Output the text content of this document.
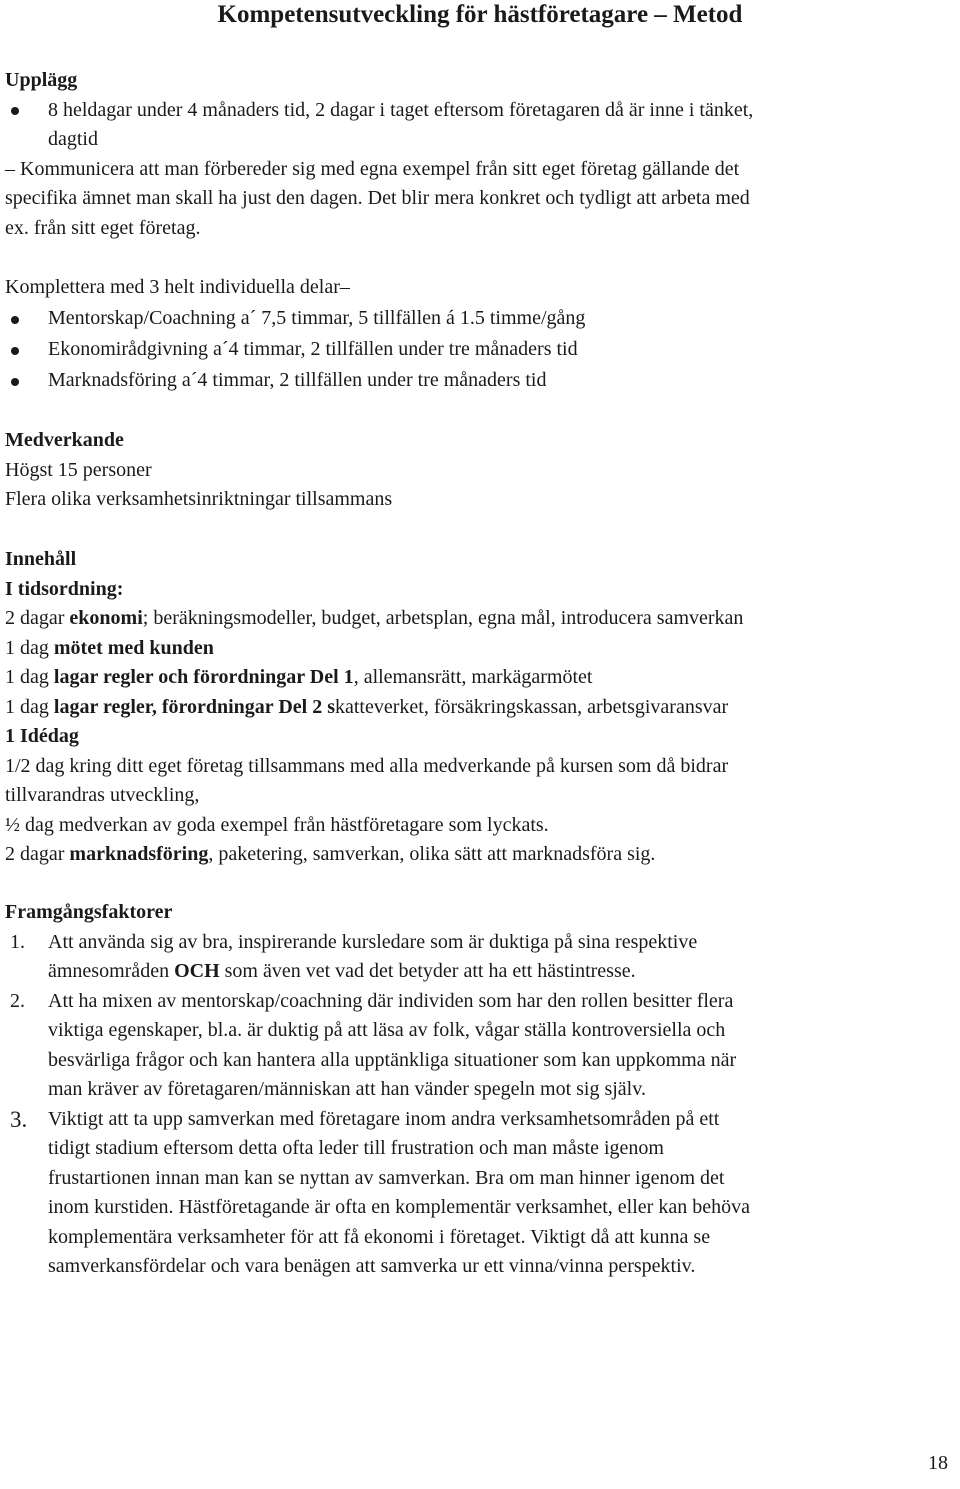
Kompetensutveckling för hästföretagare – Metod
Upplägg
8 heldagar under 4 månaders tid, 2 dagar i taget eftersom företagaren då är inne i tänket,
dagtid
– Kommunicera att man förbereder sig med egna exempel från sitt eget företag gällande det
specifika ämnet man skall ha just den dagen. Det blir mera konkret och tydligt att arbeta med
ex. från sitt eget företag.
Komplettera med 3 helt individuella delar–
Mentorskap/Coachning a´ 7,5 timmar, 5 tillfällen á 1.5 timme/gång
Ekonomirådgivning a´4 timmar, 2 tillfällen under tre månaders tid
Marknadsföring a´4 timmar, 2 tillfällen under tre månaders tid
Medverkande
Högst 15 personer
Flera olika verksamhetsinriktningar tillsammans
Innehåll
I tidsordning:
2 dagar ekonomi; beräkningsmodeller, budget, arbetsplan, egna mål, introducera samverkan
1 dag mötet med kunden
1 dag lagar regler och förordningar Del 1, allemansrätt, markägarmötet
1 dag lagar regler, förordningar Del 2 skatteverket, försäkringskassan, arbetsgivaransvar
1 Idédag
1/2 dag kring ditt eget företag tillsammans med alla medverkande på kursen som då bidrar
tillvarandras utveckling,
½ dag medverkan av goda exempel från hästföretagare som lyckats.
2 dagar marknadsföring, paketering, samverkan, olika sätt att marknadsföra sig.
Framgångsfaktorer
1. Att använda sig av bra, inspirerande kursledare som är duktiga på sina respektive
ämnesområden OCH som även vet vad det betyder att ha ett hästintresse.
2. Att ha mixen av mentorskap/coachning där individen som har den rollen besitter flera
viktiga egenskaper, bl.a. är duktig på att läsa av folk, vågar ställa kontroversiella och
besvärliga frågor och kan hantera alla upptänkliga situationer som kan uppkomma när
man kräver av företagaren/människan att han vänder spegeln mot sig själv.
3. Viktigt att ta upp samverkan med företagare inom andra verksamhetsområden på ett
tidigt stadium eftersom detta ofta leder till frustration och man måste igenom
frustartionen innan man kan se nyttan av samverkan. Bra om man hinner igenom det
inom kurstiden. Hästföretagande är ofta en komplementär verksamhet, eller kan behöva
komplementära verksamheter för att få ekonomi i företaget. Viktigt då att kunna se
samverkansfördelar och vara benägen att samverka ur ett vinna/vinna perspektiv.
18
